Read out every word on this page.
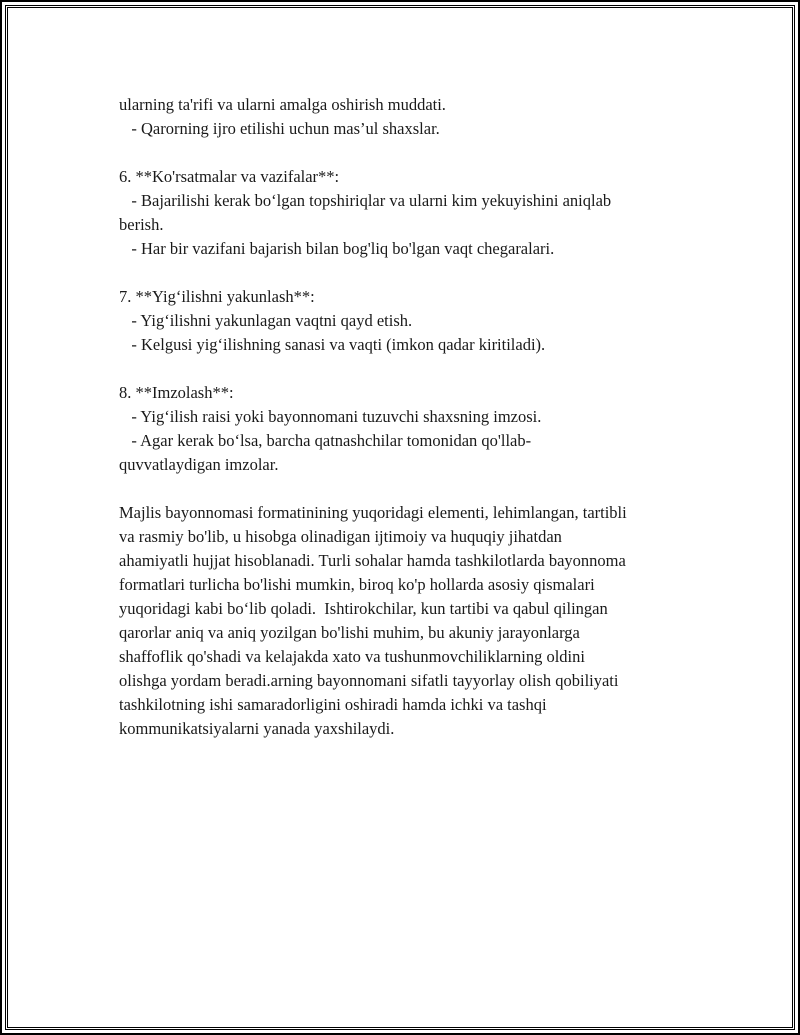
ularning ta'rifi va ularni amalga oshirish muddati.
- Qarorning ijro etilishi uchun mas’ul shaxslar.
6. **Ko'rsatmalar va vazifalar**:
- Bajarilishi kerak bo‘lgan topshiriqlar va ularni kim yekuyishini aniqlab
berish.
- Har bir vazifani bajarish bilan bog'liq bo'lgan vaqt chegaralari.
7. **Yig‘ilishni yakunlash**:
- Yig‘ilishni yakunlagan vaqtni qayd etish.
- Kelgusi yig‘ilishning sanasi va vaqti (imkon qadar kiritiladi).
8. **Imzolash**:
- Yig‘ilish raisi yoki bayonnomani tuzuvchi shaxsning imzosi.
- Agar kerak bo‘lsa, barcha qatnashchilar tomonidan qo'llab-
quvvatlaydigan imzolar.
Majlis bayonnomasi formatinining yuqoridagi elementi, lehimlangan, tartibli
va rasmiy bo'lib, u hisobga olinadigan ijtimoiy va huquqiy jihatdan
ahamiyatli hujjat hisoblanadi. Turli sohalar hamda tashkilotlarda bayonnoma
formatlari turlicha bo'lishi mumkin, biroq ko'p hollarda asosiy qismalari
yuqoridagi kabi bo‘lib qoladi.  Ishtirokchilar, kun tartibi va qabul qilingan
qarorlar aniq va aniq yozilgan bo'lishi muhim, bu akuniy jarayonlarga
shaffoflik qo'shadi va kelajakda xato va tushunmovchiliklarning oldini
olishga yordam beradi.arning bayonnomani sifatli tayyorlay olish qobiliyati
tashkilotning ishi samaradorligini oshiradi hamda ichki va tashqi
kommunikatsiyalarni yanada yaxshilaydi.
